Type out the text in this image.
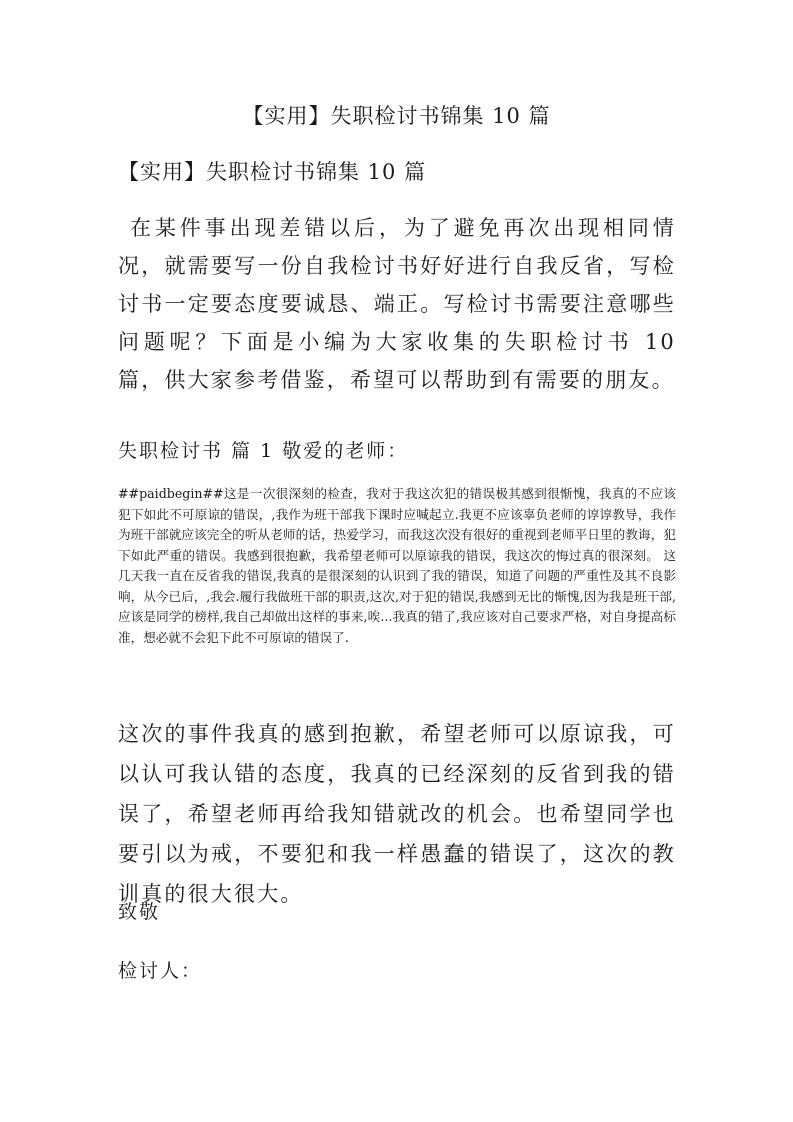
【实用】失职检讨书锦集 10 篇
【实用】失职检讨书锦集 10 篇

在某件事出现差错以后，为了避免再次出现相同情况，就需要写一份自我检讨书好好进行自我反省，写检讨书一定要态度要诚恳、端正。写检讨书需要注意哪些问题呢？下面是小编为大家收集的失职检讨书 10 篇，供大家参考借鉴，希望可以帮助到有需要的朋友。

失职检讨书 篇 1 敬爱的老师：

##paidbegin##这是一次很深刻的检查，我对于我这次犯的错误极其感到很惭愧，我真的不应该犯下如此不可原谅的错误，,我作为班干部我下课时应喊起立.我更不应该辜负老师的谆谆教导，我作为班干部就应该完全的听从老师的话，热爱学习，而我这次没有很好的重视到老师平日里的教诲，犯下如此严重的错误。我感到很抱歉，我希望老师可以原谅我的错误，我这次的悔过真的很深刻。 这几天我一直在反省我的错误,我真的是很深刻的认识到了我的错误，知道了问题的严重性及其不良影响，从今已后，,我会.履行我做班干部的职责,这次,对于犯的错误,我感到无比的惭愧,因为我是班干部,应该是同学的榜样,我自己却做出这样的事来,唉...我真的错了,我应该对自己要求严格，对自身提高标准，想必就不会犯下此不可原谅的错误了.

这次的事件我真的感到抱歉，希望老师可以原谅我，可以认可我认错的态度，我真的已经深刻的反省到我的错误了，希望老师再给我知错就改的机会。也希望同学也要引以为戒，不要犯和我一样愚蠢的错误了，这次的教训真的很大很大。

致敬
检讨人：
